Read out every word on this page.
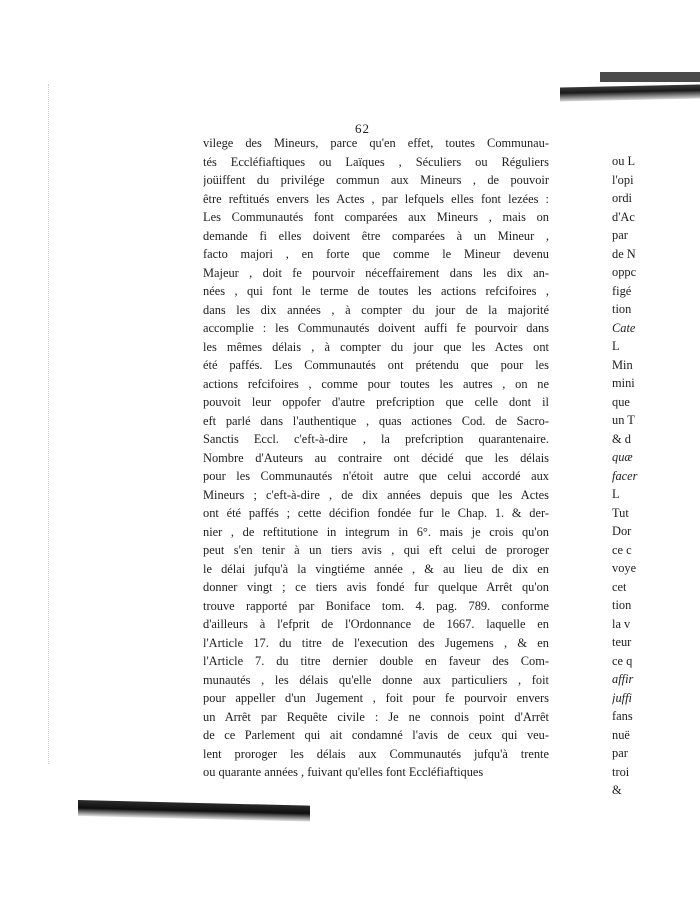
62
vilege des Mineurs, parce qu'en effet, toutes Communau-
tés Eccléfiaftiques ou Laïques , Séculiers ou Réguliers
joüiffent du privilége commun aux Mineurs , de pouvoir
être reftitués envers les Actes , par lefquels elles font lezées :
Les Communautés font comparées aux Mineurs , mais on
demande fi elles doivent être comparées à un Mineur ,
facto majori , en forte que comme le Mineur devenu
Majeur , doit fe pourvoir néceffairement dans les dix an-
nées , qui font le terme de toutes les actions refcifoires ,
dans les dix années , à compter du jour de la majorité
accomplie : les Communautés doivent auffi fe pourvoir dans
les mêmes délais , à compter du jour que les Actes ont
été paffés. Les Communautés ont prétendu que pour les
actions refcifoires , comme pour toutes les autres , on ne
pouvoit leur oppofer d'autre prefcription que celle dont il
eft parlé dans l'authentique , quas actiones Cod. de Sacro-
Sanctis Eccl. c'eft-à-dire , la prefcription quarantenaire.
Nombre d'Auteurs au contraire ont décidé que les délais
pour les Communautés n'étoit autre que celui accordé aux
Mineurs ; c'eft-à-dire , de dix années depuis que les Actes
ont été paffés ; cette décifion fondée fur le Chap. 1. & der-
nier , de reftitutione in integrum in 6°. mais je crois qu'on
peut s'en tenir à un tiers avis , qui eft celui de proroger
le délai jufqu'à la vingtiéme année , & au lieu de dix en
donner vingt ; ce tiers avis fondé fur quelque Arrêt qu'on
trouve rapporté par Boniface tom. 4. pag. 789. conforme
d'ailleurs à l'efprit de l'Ordonnance de 1667. laquelle en
l'Article 17. du titre de l'execution des Jugemens , & en
l'Article 7. du titre dernier double en faveur des Com-
munautés , les délais qu'elle donne aux particuliers , foit
pour appeller d'un Jugement , foit pour fe pourvoir envers
un Arrêt par Requête civile : Je ne connois point d'Arrêt
de ce Parlement qui ait condamné l'avis de ceux qui veu-
lent proroger les délais aux Communautés jufqu'à trente
ou quarante années , fuivant qu'elles font Eccléfiaftiques
ou L
l'opi
ordi
d'Ac
par
de N
oppc
figé
tion
Cate
L
Min
mini
que
un T
& d
quæ
facer
L
Tut
Dor
ce c
voye
cet
tion
la v
teur
ce q
affir
juffi
fans
nuë
par
troi
&
